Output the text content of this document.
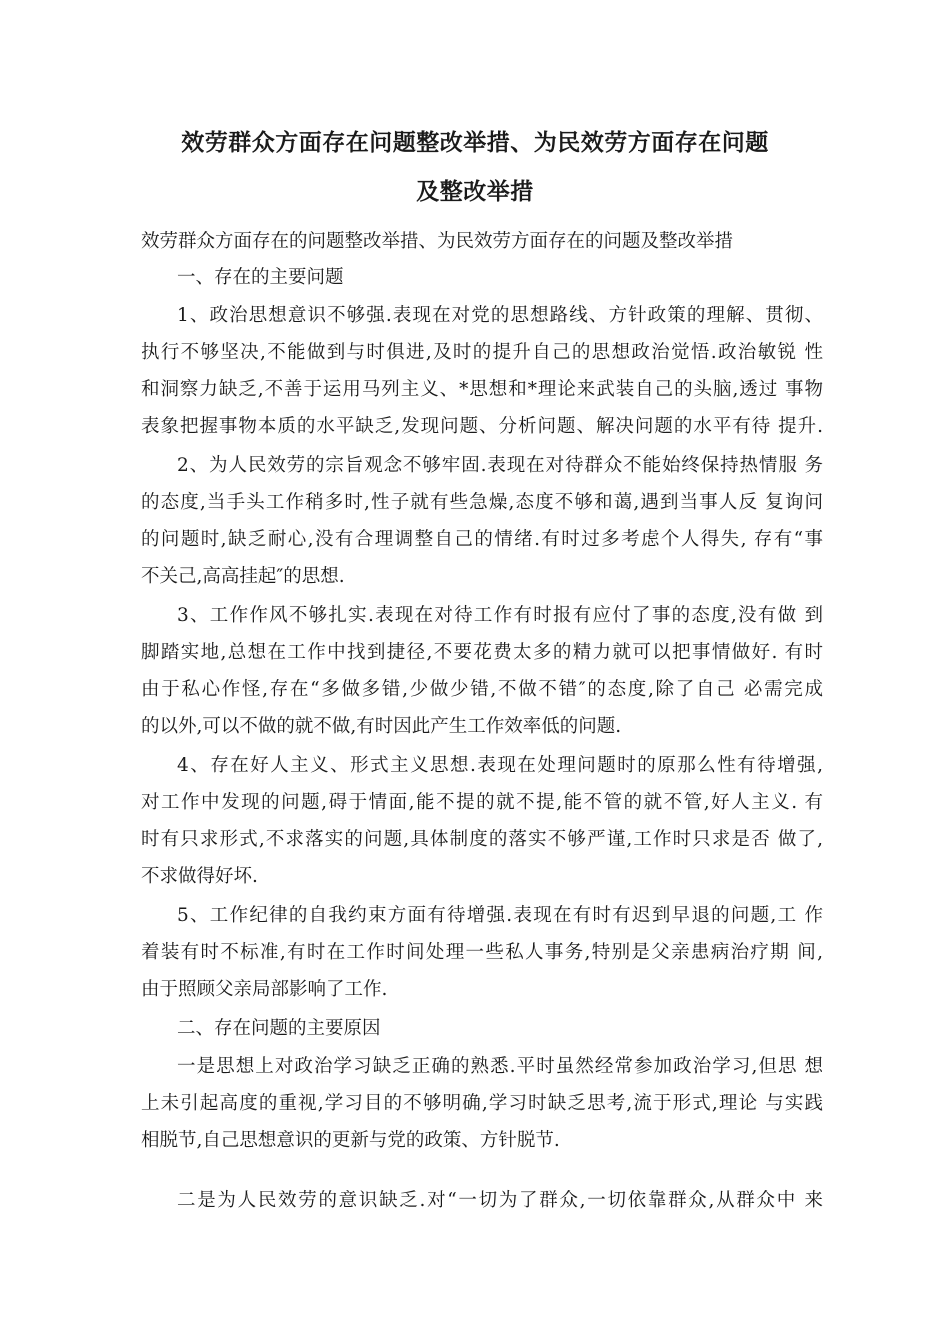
效劳群众方面存在问题整改举措、为民效劳方面存在问题
及整改举措
效劳群众方面存在的问题整改举措、为民效劳方面存在的问题及整改举措
一、存在的主要问题
1、政治思想意识不够强.表现在对党的思想路线、方针政策的理解、贯彻、
执行不够坚决,不能做到与时俱进,及时的提升自己的思想政治觉悟.政治敏锐 性
和洞察力缺乏,不善于运用马列主义、*思想和*理论来武装自己的头脑,透过 事物
表象把握事物本质的水平缺乏,发现问题、分析问题、解决问题的水平有待 提升.
2、为人民效劳的宗旨观念不够牢固.表现在对待群众不能始终保持热情服 务
的态度,当手头工作稍多时,性子就有些急燥,态度不够和蔼,遇到当事人反 复询问
的问题时,缺乏耐心,没有合理调整自己的情绪.有时过多考虑个人得失, 存有“事
不关己,高高挂起″的思想.
3、工作作风不够扎实.表现在对待工作有时报有应付了事的态度,没有做 到
脚踏实地,总想在工作中找到捷径,不要花费太多的精力就可以把事情做好. 有时
由于私心作怪,存在“多做多错,少做少错,不做不错″的态度,除了自己 必需完成
的以外,可以不做的就不做,有时因此产生工作效率低的问题.
4、存在好人主义、形式主义思想.表现在处理问题时的原那么性有待增强,
对工作中发现的问题,碍于情面,能不提的就不提,能不管的就不管,好人主义. 有
时有只求形式,不求落实的问题,具体制度的落实不够严谨,工作时只求是否 做了,
不求做得好坏.
5、工作纪律的自我约束方面有待增强.表现在有时有迟到早退的问题,工 作
着装有时不标准,有时在工作时间处理一些私人事务,特别是父亲患病治疗期 间,
由于照顾父亲局部影响了工作.
二、存在问题的主要原因
一是思想上对政治学习缺乏正确的熟悉.平时虽然经常参加政治学习,但思 想
上未引起高度的重视,学习目的不够明确,学习时缺乏思考,流于形式,理论 与实践
相脱节,自己思想意识的更新与党的政策、方针脱节.
二是为人民效劳的意识缺乏.对“一切为了群众,一切依靠群众,从群众中 来
